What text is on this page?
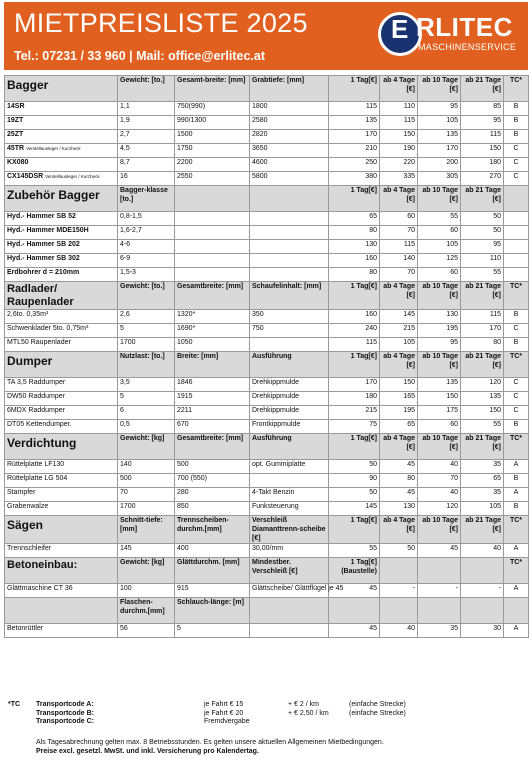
MIETPREISLISTE 2025
Tel.: 07231 / 33 960 | Mail: office@erlitec.at
E RLITEC
MASCHINENSERVICE
Bagger	Gewicht: [to.]	Gesamt-breite: [mm]	Grabtiefe: [mm]	1 Tag[€]	ab 4 Tage [€]	ab 10 Tage [€]	ab 21 Tage [€]	TC*
14SR	1,1	750(990)	1800	115	110	95	85	B
19ZT	1,9	990/1300	2580	135	115	105	95	B
25ZT	2,7	1500	2820	170	150	135	115	B
45TR Verstellausleger / Kurzheck	4,5	1750	3650	210	190	170	150	C
KX080	8,7	2200	4600	250	220	200	180	C
CX145DSR Verstellausleger / Kurzheck	16	2550	5800	380	335	305	270	C
Zubehör Bagger	Bagger-klasse [to.]			1 Tag[€]	ab 4 Tage [€]	ab 10 Tage [€]	ab 21 Tage [€]	
Hyd.- Hammer SB 52	0,8-1,5			65	60	55	50	
Hyd.- Hammer MDE150H	1,6-2,7			80	70	60	50	
Hyd.- Hammer SB 202	4-6			130	115	105	95	
Hyd.- Hammer SB 302	6-9			160	140	125	110	
Erdbohrer d = 210mm	1,5-3			80	70	60	55	
Radlader/ Raupenlader	Gewicht: [to.]	Gesamtbreite: [mm]	Schaufelinhalt: [mm]	1 Tag[€]	ab 4 Tage [€]	ab 10 Tage [€]	ab 21 Tage [€]	TC*
2,6to. 0,35m³	2,6	1320*	350	160	145	130	115	B
Schwenklader 5to. 0,75m³	5	1690*	750	240	215	195	170	C
MTL50 Raupenlader	1700	1050		115	105	95	80	B
Dumper	Nutzlast: [to.]	Breite: [mm]	Ausführung	1 Tag[€]	ab 4 Tage [€]	ab 10 Tage [€]	ab 21 Tage [€]	TC*
TA 3,5 Raddumper	3,5	1846	Drehkippmulde	170	150	135	120	C
DW50 Raddumper	5	1915	Drehkippmulde	180	165	150	135	C
6MDX Raddumper	6	2211	Drehkippmulde	215	195	175	150	C
DT05 Kettendumper.	0,5	670	Frontkippmulde	75	65	60	55	B
Verdichtung	Gewicht: [kg]	Gesamtbreite: [mm]	Ausführung	1 Tag[€]	ab 4 Tage [€]	ab 10 Tage [€]	ab 21 Tage [€]	TC*
Rüttelplatte LF130	140	500	opt. Gummiplatte	50	45	40	35	A
Rüttelplatte LG 504	500	700 (550)		90	80	70	65	B
Stampfer	70	280	4-Takt Benzin	50	45	40	35	A
Grabenwalze	1700	850	Funksteuerung	145	130	120	105	B
Sägen	Schnitt-tiefe: [mm]	Trennscheiben-durchm.[mm]	Verschleiß Diamanttrenn-scheibe [€]	1 Tag[€]	ab 4 Tage [€]	ab 10 Tage [€]	ab 21 Tage [€]	TC*
Trennschleifer	145	400	30,00/mm	55	50	45	40	A
Betoneinbau:	Gewicht: [kg]	Glättdurchm. [mm]	Mindestber. Verschleiß [€]	1 Tag[€] (Baustelle)				TC*
Glättmaschine CT 36	100	915	Glättscheibe/ Glättflügel je 45	45	-	-	-	A
	Flaschen-durchm.[mm]	Schlauch-länge: [m]						
Betonrüttler	56	5		45	40	35	30	A
*TC Transportcode A:	je Fahrt € 15	+ € 2 / km	(einfache Strecke)
Transportcode B:	je Fahrt € 20	+ € 2,50 / km	(einfache Strecke)
Transportcode C:	Fremdvergabe
Als Tagesabrechnung gelten max. 8 Betriebsstunden. Es gelten unsere aktuellen Allgemeinen Mietbedingungen.
Preise excl. gesetzl. MwSt. und inkl. Versicherung pro Kalendertag.
